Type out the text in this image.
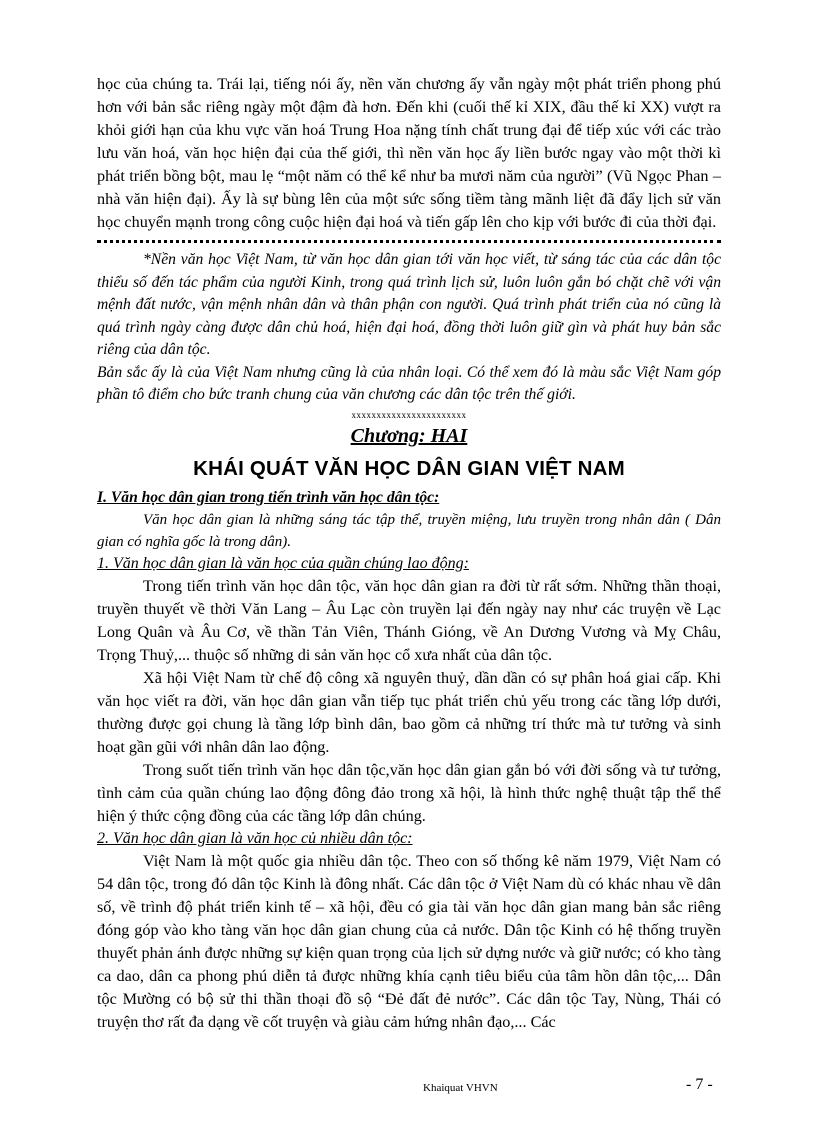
học của chúng ta. Trái lại, tiếng nói ấy, nền văn chương ấy vẫn ngày một phát triển phong phú hơn với bản sắc riêng ngày một đậm đà hơn. Đến khi (cuối thế kỉ XIX, đầu thế kỉ XX) vượt ra khỏi giới hạn của khu vực văn hoá Trung Hoa nặng tính chất trung đại để tiếp xúc với các trào lưu văn hoá, văn học hiện đại của thế giới, thì nền văn học ấy liền bước ngay vào một thời kì phát triển bồng bột, mau lẹ “một năm có thể kể như ba mươi năm của người” (Vũ Ngọc Phan – nhà văn hiện đại). Ấy là sự bùng lên của một sức sống tiềm tàng mãnh liệt đã đẩy lịch sử văn học chuyển mạnh trong công cuộc hiện đại hoá và tiến gấp lên cho kịp với bước đi của thời đại.

*Nền văn học Việt Nam, từ văn học dân gian tới văn học viết, từ sáng tác của các dân tộc thiểu số đến tác phẩm của người Kinh, trong quá trình lịch sử, luôn luôn gắn bó chặt chẽ với vận mệnh đất nước, vận mệnh nhân dân và thân phận con người. Quá trình phát triển của nó cũng là quá trình ngày càng được dân chủ hoá, hiện đại hoá, đồng thời luôn giữ gìn và phát huy bản sắc riêng của dân tộc.

Bản sắc ấy là của Việt Nam nhưng cũng là của nhân loại. Có thể xem đó là màu sắc Việt Nam góp phần tô điểm cho bức tranh chung của văn chương các dân tộc trên thế giới.

xxxxxxxxxxxxxxxxxxxxxxx
Chương: HAI
KHÁI QUÁT VĂN HỌC DÂN GIAN VIỆT NAM

I. Văn học dân gian trong tiến trình văn học dân tộc:

Văn học dân gian là những sáng tác tập thể, truyền miệng, lưu truyền trong nhân dân ( Dân gian có nghĩa gốc là trong dân).

1. Văn học dân gian là văn học của quần chúng lao động:

Trong tiến trình văn học dân tộc, văn học dân gian ra đời từ rất sớm. Những thần thoại, truyền thuyết về thời Văn Lang – Âu Lạc còn truyền lại đến ngày nay như các truyện về Lạc Long Quân và Âu Cơ, về thần Tản Viên, Thánh Gióng, về An Dương Vương và Mỵ Châu, Trọng Thuỷ,... thuộc số những di sản văn học cổ xưa nhất của dân tộc.

Xã hội Việt Nam từ chế độ công xã nguyên thuỷ, dần dần có sự phân hoá giai cấp. Khi văn học viết ra đời, văn học dân gian vẫn tiếp tục phát triển chủ yếu trong các tầng lớp dưới, thường được gọi chung là tầng lớp bình dân, bao gồm cả những trí thức mà tư tưởng và sinh hoạt gần gũi với nhân dân lao động.

Trong suốt tiến trình văn học dân tộc,văn học dân gian gắn bó với đời sống và tư tưởng, tình cảm của quần chúng lao động đông đảo trong xã hội, là hình thức nghệ thuật tập thể thể hiện ý thức cộng đồng của các tầng lớp dân chúng.

2. Văn học dân gian là văn học củ nhiều dân tộc:

Việt Nam là một quốc gia nhiều dân tộc. Theo con số thống kê năm 1979, Việt Nam có 54 dân tộc, trong đó dân tộc Kinh là đông nhất. Các dân tộc ở Việt Nam dù có khác nhau về dân số, về trình độ phát triển kinh tế – xã hội, đều có gia tài văn học dân gian mang bản sắc riêng đóng góp vào kho tàng văn học dân gian chung của cả nước. Dân tộc Kinh có hệ thống truyền thuyết phản ánh được những sự kiện quan trọng của lịch sử dựng nước và giữ nước; có kho tàng ca dao, dân ca phong phú diễn tả được những khía cạnh tiêu biểu của tâm hồn dân tộc,... Dân tộc Mường có bộ sử thi thần thoại đồ sộ “Đẻ đất đẻ nước”. Các dân tộc Tay, Nùng, Thái có truyện thơ rất đa dạng về cốt truyện và giàu cảm hứng nhân đạo,... Các

Khaiquat VHVN	- 7 -
